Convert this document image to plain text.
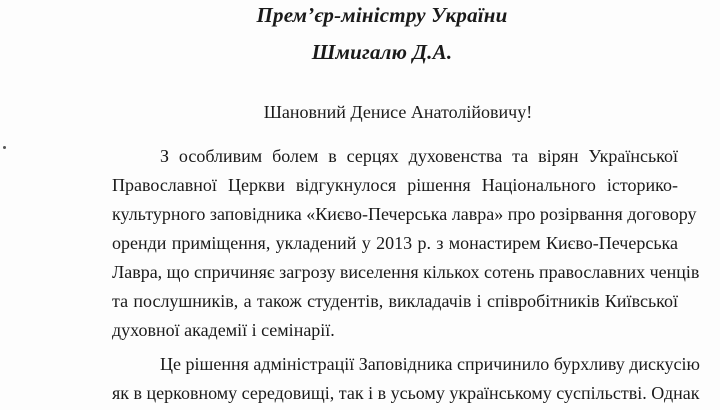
Прем’єр-міністру України
Шмигалю Д.А.
Шановний Денисе Анатолійовичу!
З особливим болем в серцях духовенства та вірян Української
Православної Церкви відгукнулося рішення Національного історико-
культурного заповідника «Києво-Печерська лавра» про розірвання договору
оренди приміщення, укладений у 2013 р. з монастирем Києво-Печерська
Лавра, що спричиняє загрозу виселення кількох сотень православних ченців
та послушників, а також студентів, викладачів і співробітників Київської
духовної академії і семінарії.
Це рішення адміністрації Заповідника спричинило бурхливу дискусію
як в церковному середовищі, так і в усьому українському суспільстві. Однак
